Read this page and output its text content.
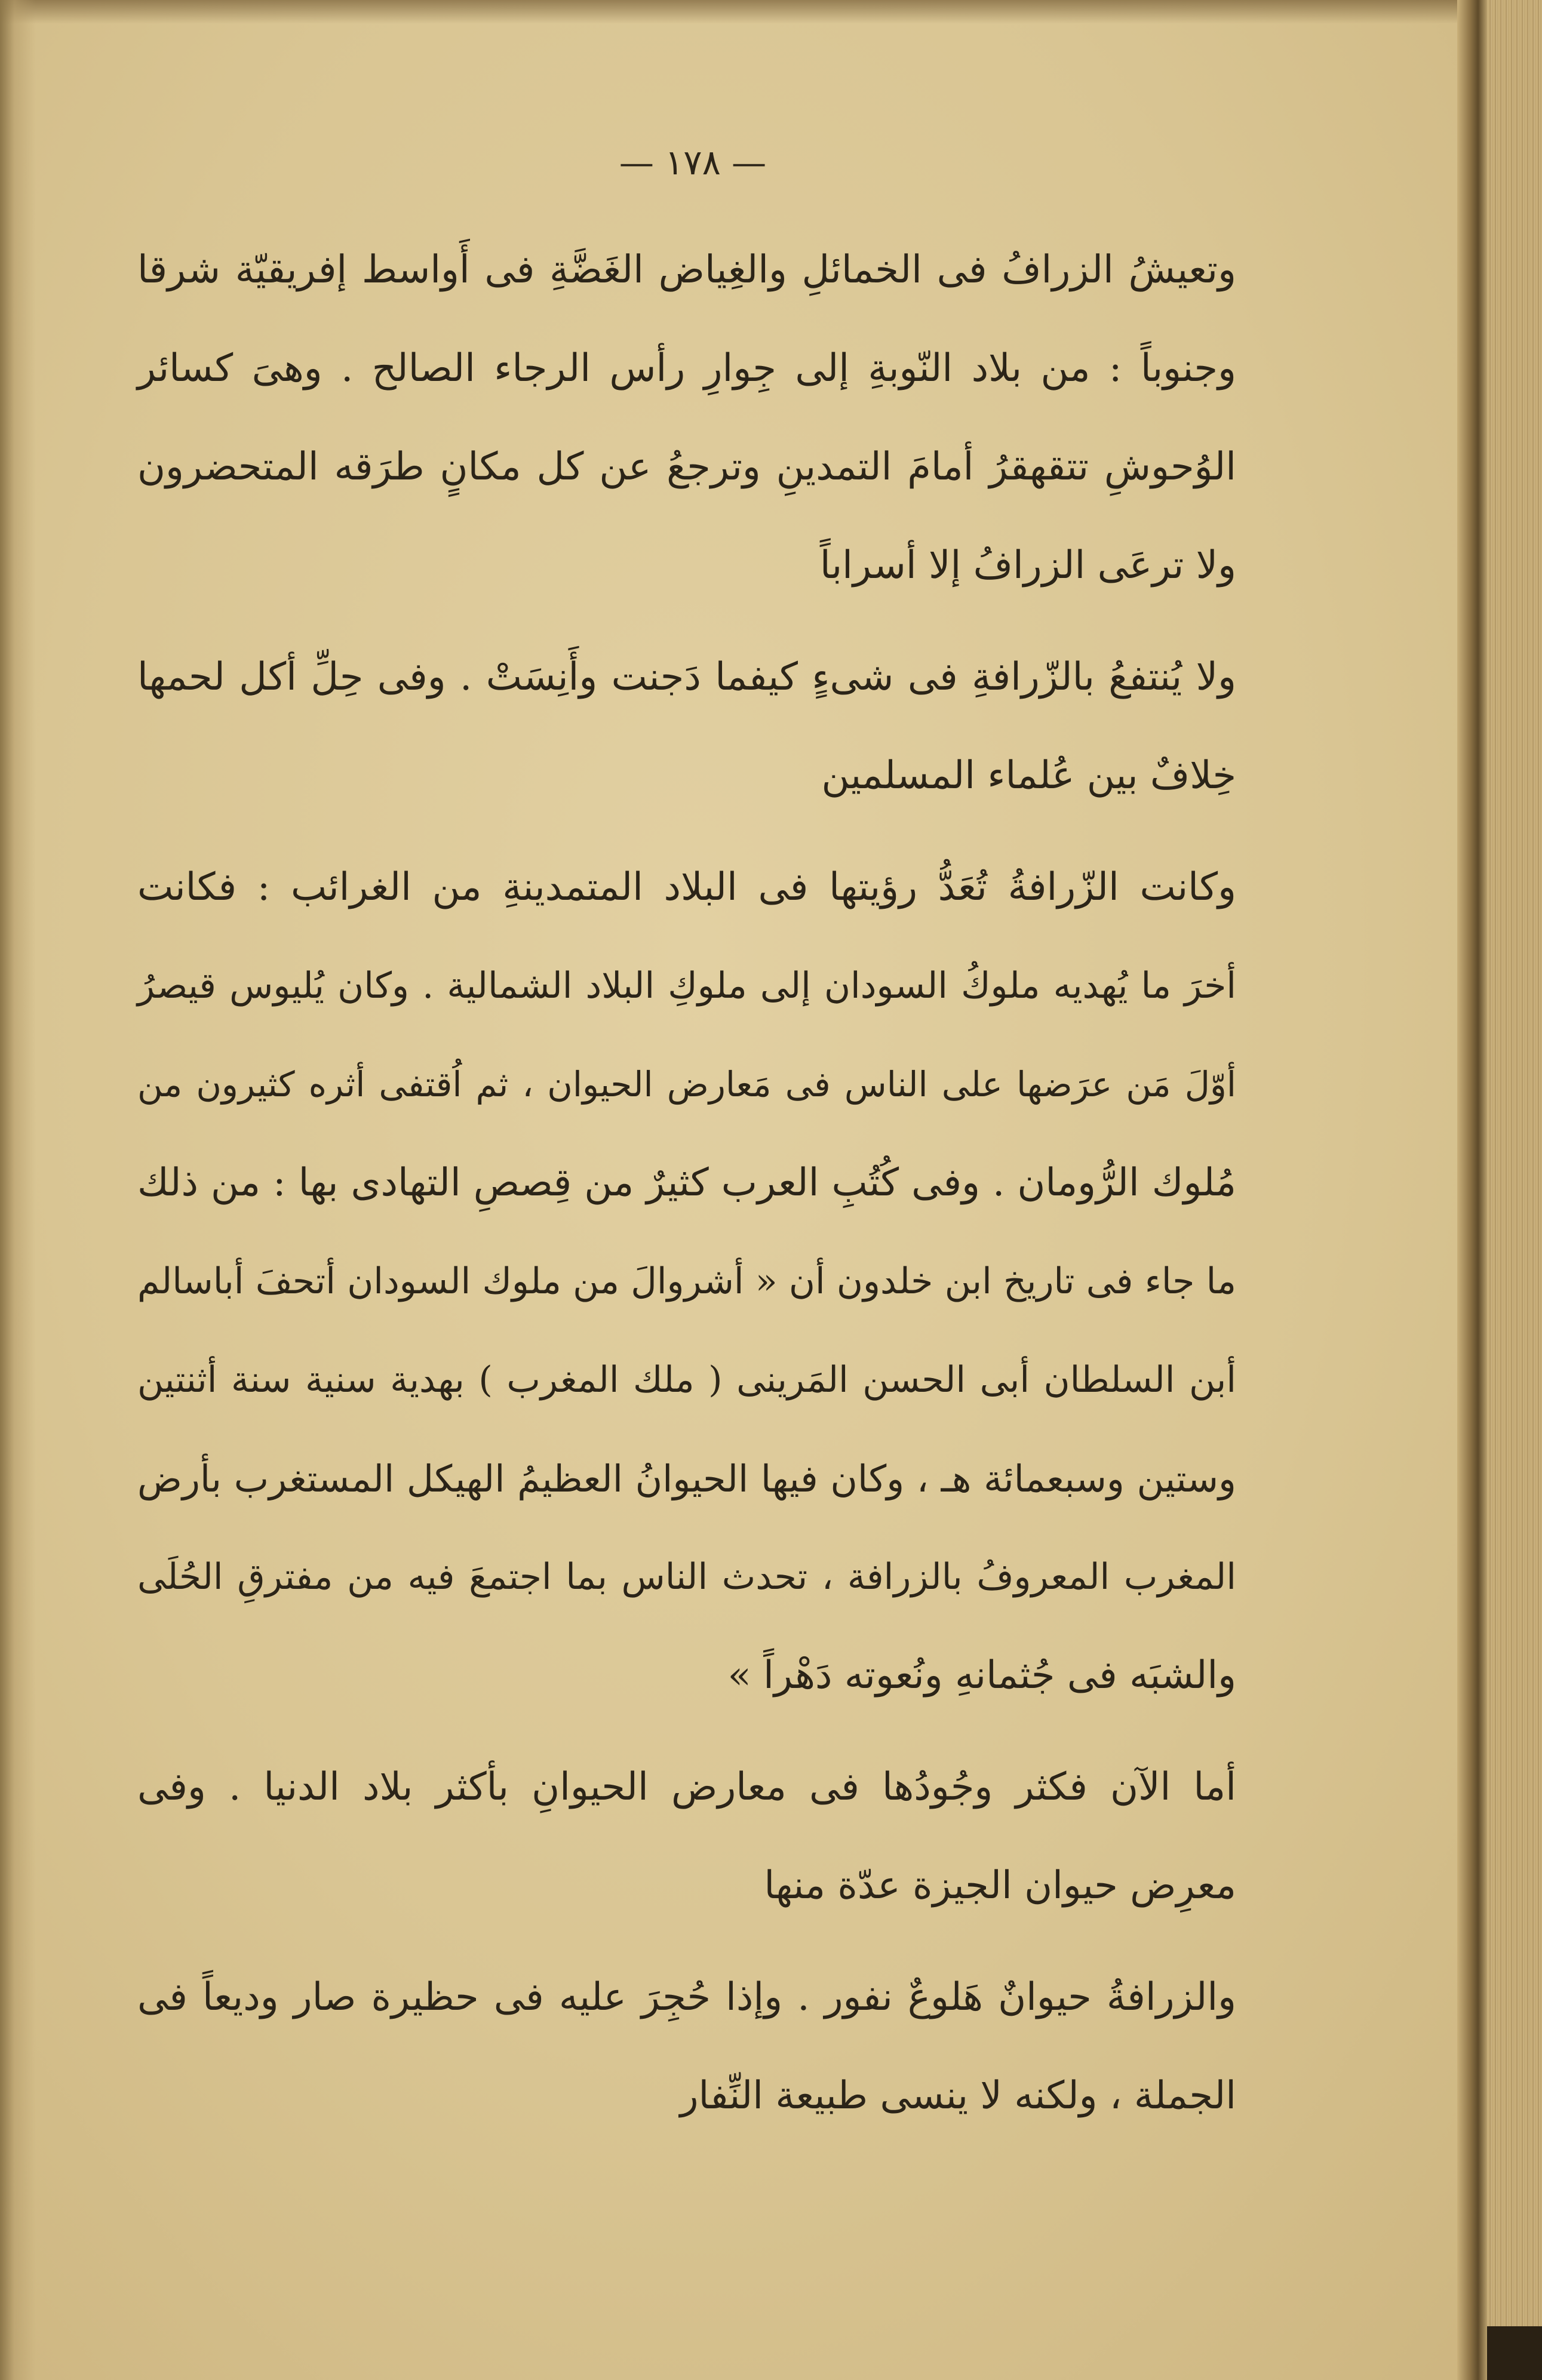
— ١٧٨ —
وتعيشُ الزرافُ فى الخمائلِ والغِياض الغَضَّةِ فى أَواسط إفريقيّة شرقا
وجنوباً : من بلاد النّوبةِ إلى جِوارِ رأس الرجاء الصالح . وهىَ كسائر
الوُحوشِ تتقهقرُ أمامَ التمدينِ وترجعُ عن كل مكانٍ طرَقه المتحضرون
ولا ترعَى الزرافُ إلا أسراباً
ولا يُنتفعُ بالزّرافةِ فى شىءٍ كيفما دَجنت وأَنِسَتْ . وفى حِلِّ أكل لحمها
خِلافٌ بين عُلماء المسلمين
وكانت الزّرافةُ تُعَدُّ رؤيتها فى البلاد المتمدينةِ من الغرائب : فكانت
أخرَ ما يُهديه ملوكُ السودان إلى ملوكِ البلاد الشمالية . وكان يُليوس قيصرُ
أوّلَ مَن عرَضها على الناس فى مَعارض الحيوان ، ثم اُقتفى أثره كثيرون من
مُلوك الرُّومان . وفى كُتُبِ العرب كثيرٌ من قِصصِ التهادى بها : من ذلك
ما جاء فى تاريخ ابن خلدون أن « أشروالَ من ملوك السودان أتحفَ أباسالم
أبن السلطان أبى الحسن المَرينى ( ملك المغرب ) بهدية سنية سنة أثنتين
وستين وسبعمائة هـ ، وكان فيها الحيوانُ العظيمُ الهيكل المستغرب بأرض
المغرب المعروفُ بالزرافة ، تحدث الناس بما اجتمعَ فيه من مفترقِ الحُلَى
والشبَه فى جُثمانهِ ونُعوته دَهْراً »
أما الآن فكثر وجُودُها فى معارض الحيوانِ بأكثر بلاد الدنيا . وفى
معرِض حيوان الجيزة عدّة منها
والزرافةُ حيوانٌ هَلوعٌ نفور . وإذا حُجِرَ عليه فى حظيرة صار وديعاً فى
الجملة ، ولكنه لا ينسى طبيعة النِّفار
